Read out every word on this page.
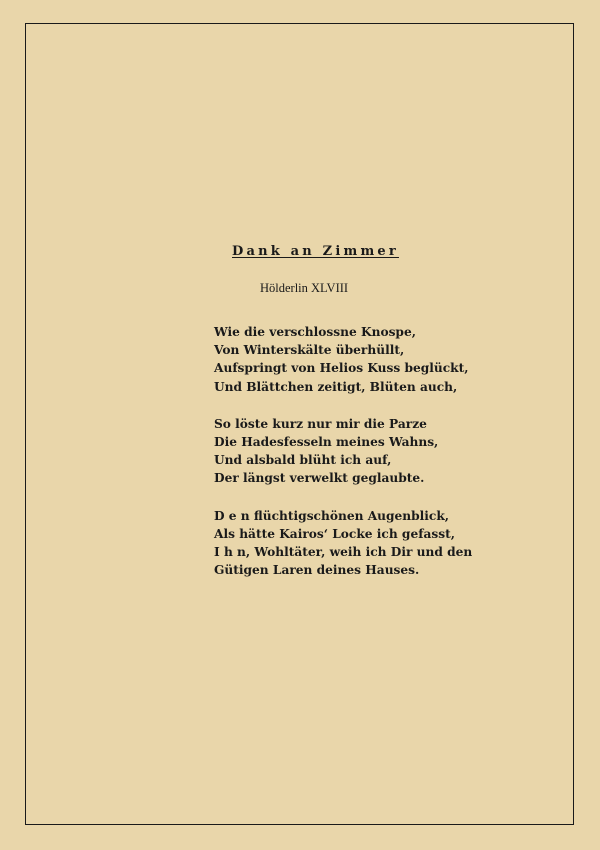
Dank an Zimmer
Hölderlin XLVIII
Wie die verschlossne Knospe,
Von Winterskälte überhüllt,
Aufspringt von Helios Kuss beglückt,
Und Blättchen zeitigt, Blüten auch,
So löste kurz nur mir die Parze
Die Hadesfesseln meines Wahns,
Und alsbald blüht ich auf,
Der längst verwelkt geglaubte.
D e n flüchtigschönen Augenblick,
Als hätte Kairos‘ Locke ich gefasst,
I h n, Wohltäter, weih ich Dir und den
Gütigen Laren deines Hauses.
